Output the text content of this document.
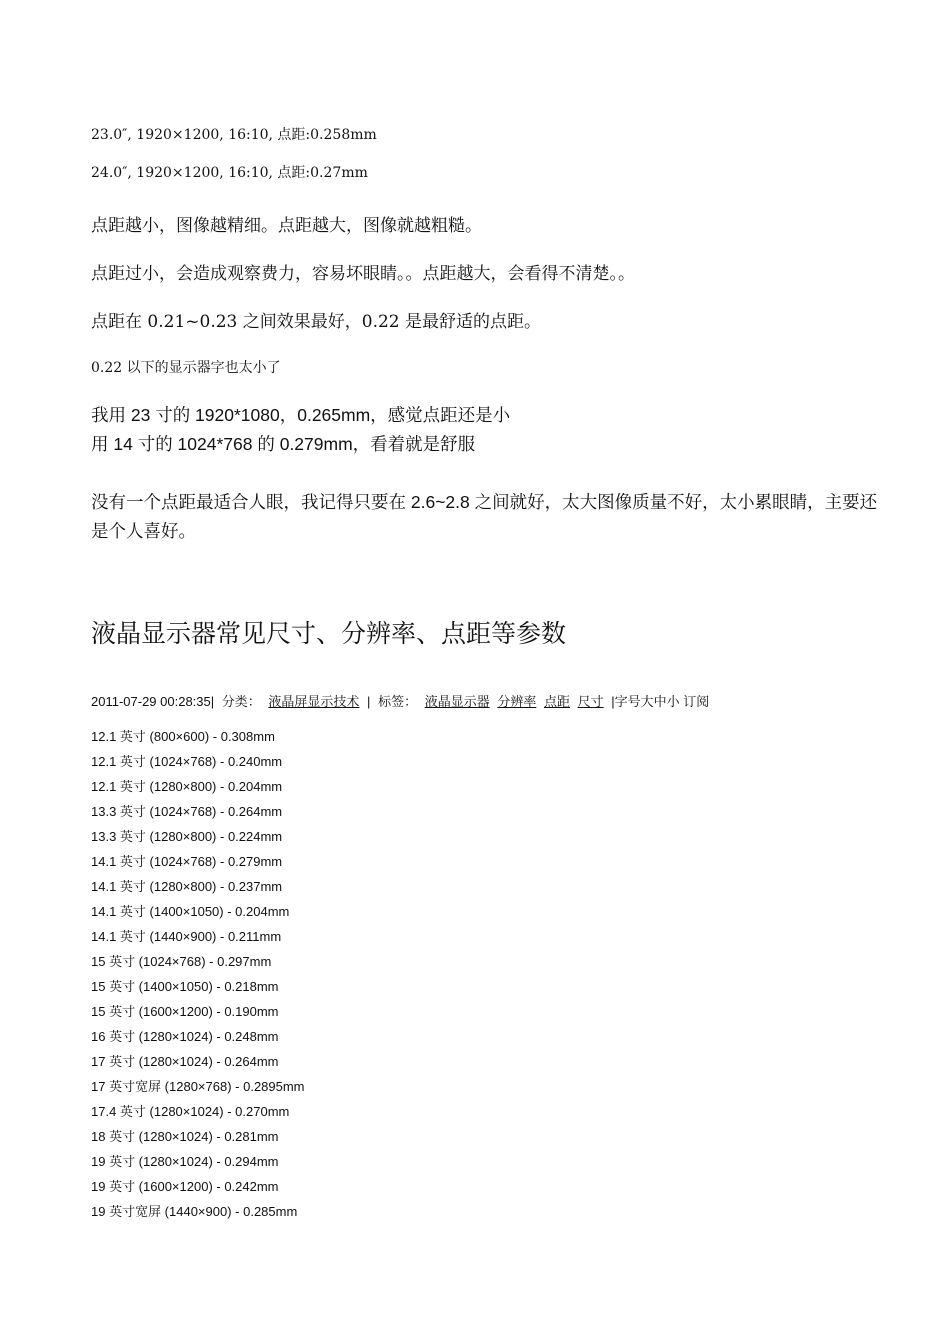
23.0″, 1920×1200, 16:10, 点距:0.258mm
24.0″, 1920×1200, 16:10, 点距:0.27mm
点距越小，图像越精细。点距越大，图像就越粗糙。
点距过小，会造成观察费力，容易坏眼睛。。点距越大，会看得不清楚。。
点距在 0.21~0.23 之间效果最好，0.22 是最舒适的点距。
0.22 以下的显示器字也太小了
我用 23 寸的 1920*1080，0.265mm，感觉点距还是小
用 14 寸的 1024*768 的 0.279mm，看着就是舒服
没有一个点距最适合人眼，我记得只要在 2.6~2.8 之间就好，太大图像质量不好，太小累眼睛，主要还是个人喜好。
液晶显示器常见尺寸、分辨率、点距等参数
2011-07-29 00:28:35| 分类： 液晶屏显示技术 | 标签： 液晶显示器 分辨率 点距 尺寸 |字号大中小 订阅
12.1 英寸 (800×600) - 0.308mm
12.1 英寸 (1024×768) - 0.240mm
12.1 英寸 (1280×800) - 0.204mm
13.3 英寸 (1024×768) - 0.264mm
13.3 英寸 (1280×800) - 0.224mm
14.1 英寸 (1024×768) - 0.279mm
14.1 英寸 (1280×800) - 0.237mm
14.1 英寸 (1400×1050) - 0.204mm
14.1 英寸 (1440×900) - 0.211mm
15 英寸 (1024×768) - 0.297mm
15 英寸 (1400×1050) - 0.218mm
15 英寸 (1600×1200) - 0.190mm
16 英寸 (1280×1024) - 0.248mm
17 英寸 (1280×1024) - 0.264mm
17 英寸宽屏 (1280×768) - 0.2895mm
17.4 英寸 (1280×1024) - 0.270mm
18 英寸 (1280×1024) - 0.281mm
19 英寸 (1280×1024) - 0.294mm
19 英寸 (1600×1200) - 0.242mm
19 英寸宽屏 (1440×900) - 0.285mm
